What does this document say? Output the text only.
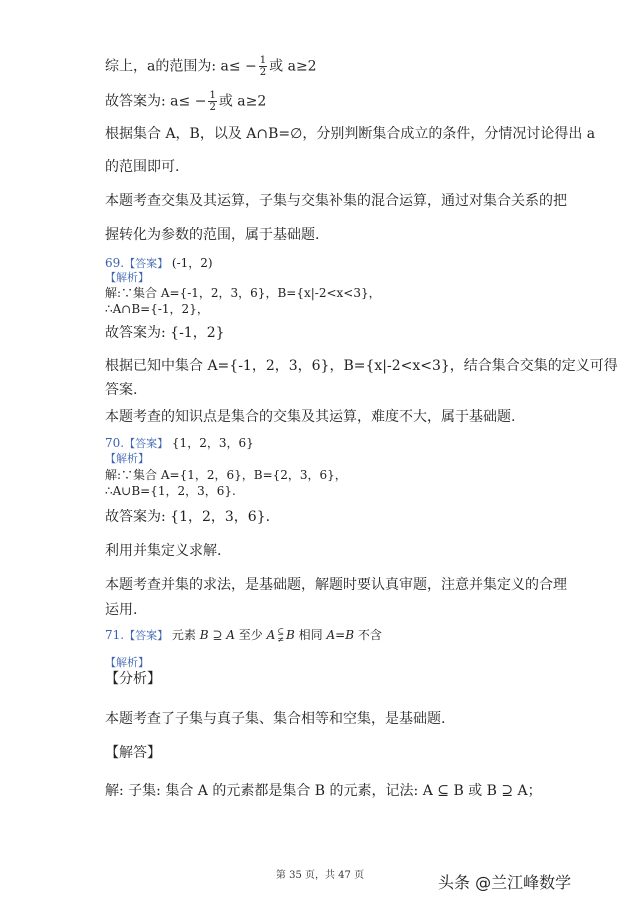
综上，a的范围为: $a\le - \frac{1}{2}$ 或 a≥2
故答案为: $a\le - \frac{1}{2}$ 或 a≥2
根据集合 A，B，以及 A∩B=∅，分别判断集合成立的条件，分情况讨论得出 a
的范围即可.
本题考查交集及其运算，子集与交集补集的混合运算，通过对集合关系的把
握转化为参数的范围，属于基础题.
69.【答案】 (-1，2)
【解析】
解:∵集合 A={-1，2，3，6}，B={x|-2<x<3}，
∴A∩B={-1，2}，
故答案为: {-1，2}
根据已知中集合 A={-1，2，3，6}，B={x|-2<x<3}，结合集合交集的定义可得
答案.
本题考查的知识点是集合的交集及其运算，难度不大，属于基础题.
70.【答案】 {1，2，3，6}
【解析】
解:∵集合 A={1，2，6}，B={2，3，6}，
∴A∪B={1，2，3，6}.
故答案为: {1，2，3，6}.
利用并集定义求解.
本题考查并集的求法，是基础题，解题时要认真审题，注意并集定义的合理
运用.
71.【答案】 元素 B ⊇ A 至少 A ⊆
≠ B 相同 A=B 不含
【解析】
【分析】
本题考查了子集与真子集、集合相等和空集，是基础题.
【解答】
解: 子集: 集合 A 的元素都是集合 B 的元素，记法: A ⊆ B 或 B ⊇ A；
第 35 页，共 47 页	头条 @兰江峰数学
